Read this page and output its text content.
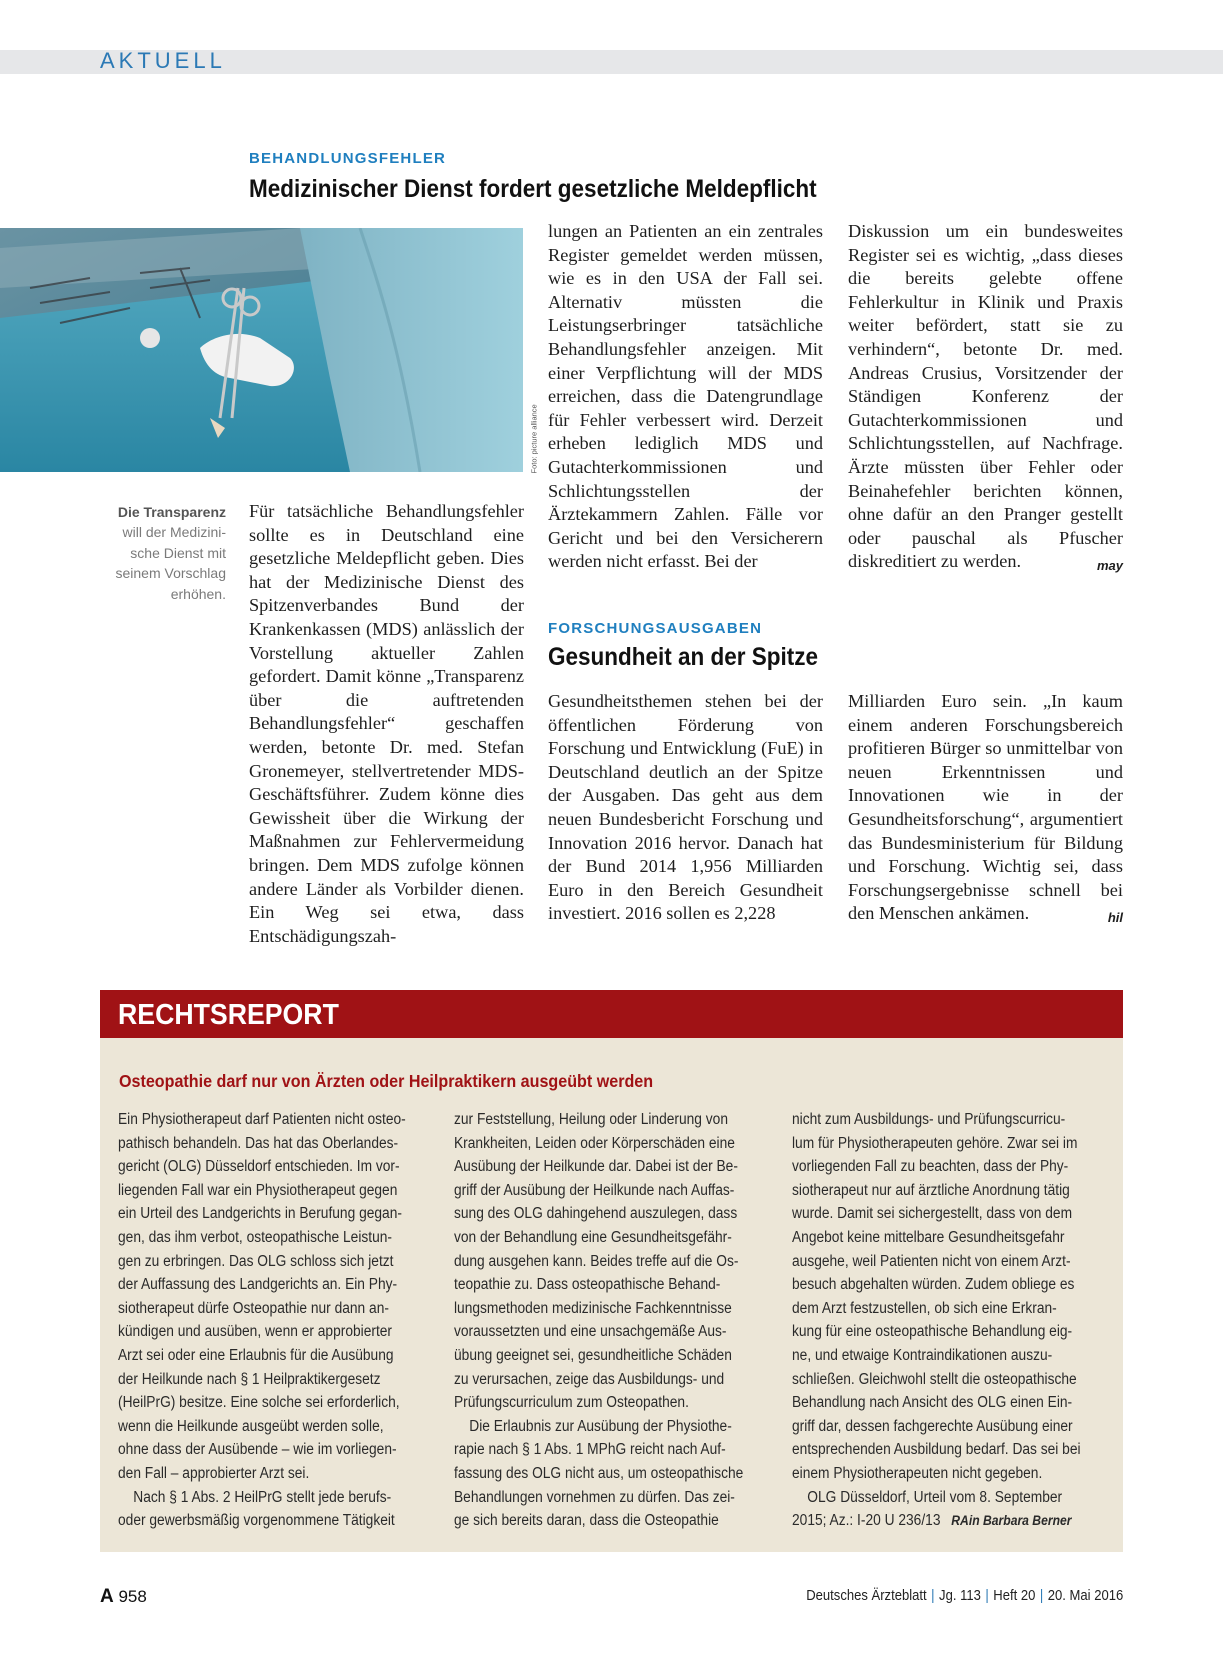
AKTUELL
BEHANDLUNGSFEHLER
Medizinischer Dienst fordert gesetzliche Meldepflicht
Foto: picture alliance
Die Transparenz
will der Medizini-
sche Dienst mit
seinem Vorschlag
erhöhen.
Für tatsächliche Behandlungsfehler sollte es in Deutschland eine gesetzliche Meldepflicht geben. Dies hat der Medizinische Dienst des Spitzenverbandes Bund der Krankenkassen (MDS) anlässlich der Vorstellung aktueller Zahlen gefordert. Damit könne „Transparenz über die auftretenden Behandlungsfehler“ geschaffen werden, betonte Dr. med. Stefan Gronemeyer, stellvertretender MDS-Geschäftsführer. Zudem könne dies Gewissheit über die Wirkung der Maßnahmen zur Fehlervermeidung bringen. Dem MDS zufolge können andere Länder als Vorbilder dienen. Ein Weg sei etwa, dass Entschädigungszah-
lungen an Patienten an ein zentrales Register gemeldet werden müssen, wie es in den USA der Fall sei. Alternativ müssten die Leistungserbringer tatsächliche Behandlungsfehler anzeigen. Mit einer Verpflichtung will der MDS erreichen, dass die Datengrundlage für Fehler verbessert wird. Derzeit erheben lediglich MDS und Gutachterkommissionen und Schlichtungsstellen der Ärztekammern Zahlen. Fälle vor Gericht und bei den Versicherern werden nicht erfasst. Bei der
Diskussion um ein bundesweites Register sei es wichtig, „dass dieses die bereits gelebte offene Fehlerkultur in Klinik und Praxis weiter befördert, statt sie zu verhindern“, betonte Dr. med. Andreas Crusius, Vorsitzender der Ständigen Konferenz der Gutachterkommissionen und Schlichtungsstellen, auf Nachfrage. Ärzte müssten über Fehler oder Beinahefehler berichten können, ohne dafür an den Pranger gestellt oder pauschal als Pfuscher diskreditiert zu werden.	may
FORSCHUNGSAUSGABEN
Gesundheit an der Spitze
Gesundheitsthemen stehen bei der öffentlichen Förderung von Forschung und Entwicklung (FuE) in Deutschland deutlich an der Spitze der Ausgaben. Das geht aus dem neuen Bundesbericht Forschung und Innovation 2016 hervor. Danach hat der Bund 2014 1,956 Milliarden Euro in den Bereich Gesundheit investiert. 2016 sollen es 2,228
Milliarden Euro sein. „In kaum einem anderen Forschungsbereich profitieren Bürger so unmittelbar von neuen Erkenntnissen und Innovationen wie in der Gesundheitsforschung“, argumentiert das Bundesministerium für Bildung und Forschung. Wichtig sei, dass Forschungsergebnisse schnell bei den Menschen ankämen.	hil
RECHTSREPORT
Osteopathie darf nur von Ärzten oder Heilpraktikern ausgeübt werden
Ein Physiotherapeut darf Patienten nicht osteo-
pathisch behandeln. Das hat das Oberlandes-
gericht (OLG) Düsseldorf entschieden. Im vor-
liegenden Fall war ein Physiotherapeut gegen
ein Urteil des Landgerichts in Berufung gegan-
gen, das ihm verbot, osteopathische Leistun-
gen zu erbringen. Das OLG schloss sich jetzt
der Auffassung des Landgerichts an. Ein Phy-
siotherapeut dürfe Osteopathie nur dann an-
kündigen und ausüben, wenn er approbierter
Arzt sei oder eine Erlaubnis für die Ausübung
der Heilkunde nach § 1 Heilpraktikergesetz
(HeilPrG) besitze. Eine solche sei erforderlich,
wenn die Heilkunde ausgeübt werden solle,
ohne dass der Ausübende – wie im vorliegen-
den Fall – approbierter Arzt sei.
Nach § 1 Abs. 2 HeilPrG stellt jede berufs-
oder gewerbsmäßig vorgenommene Tätigkeit
zur Feststellung, Heilung oder Linderung von
Krankheiten, Leiden oder Körperschäden eine
Ausübung der Heilkunde dar. Dabei ist der Be-
griff der Ausübung der Heilkunde nach Auffas-
sung des OLG dahingehend auszulegen, dass
von der Behandlung eine Gesundheitsgefähr-
dung ausgehen kann. Beides treffe auf die Os-
teopathie zu. Dass osteopathische Behand-
lungsmethoden medizinische Fachkenntnisse
voraussetzten und eine unsachgemäße Aus-
übung geeignet sei, gesundheitliche Schäden
zu verursachen, zeige das Ausbildungs- und
Prüfungscurriculum zum Osteopathen.
Die Erlaubnis zur Ausübung der Physiothe-
rapie nach § 1 Abs. 1 MPhG reicht nach Auf-
fassung des OLG nicht aus, um osteopathische
Behandlungen vornehmen zu dürfen. Das zei-
ge sich bereits daran, dass die Osteopathie
nicht zum Ausbildungs- und Prüfungscurricu-
lum für Physiotherapeuten gehöre. Zwar sei im
vorliegenden Fall zu beachten, dass der Phy-
siotherapeut nur auf ärztliche Anordnung tätig
wurde. Damit sei sichergestellt, dass von dem
Angebot keine mittelbare Gesundheitsgefahr
ausgehe, weil Patienten nicht von einem Arzt-
besuch abgehalten würden. Zudem obliege es
dem Arzt festzustellen, ob sich eine Erkran-
kung für eine osteopathische Behandlung eig-
ne, und etwaige Kontraindikationen auszu-
schließen. Gleichwohl stellt die osteopathische
Behandlung nach Ansicht des OLG einen Ein-
griff dar, dessen fachgerechte Ausübung einer
entsprechenden Ausbildung bedarf. Das sei bei
einem Physiotherapeuten nicht gegeben.
OLG Düsseldorf, Urteil vom 8. September
2015; Az.: I-20 U 236/13 RAin Barbara Berner
A 958	Deutsches Ärzteblatt | Jg. 113 | Heft 20 | 20. Mai 2016
